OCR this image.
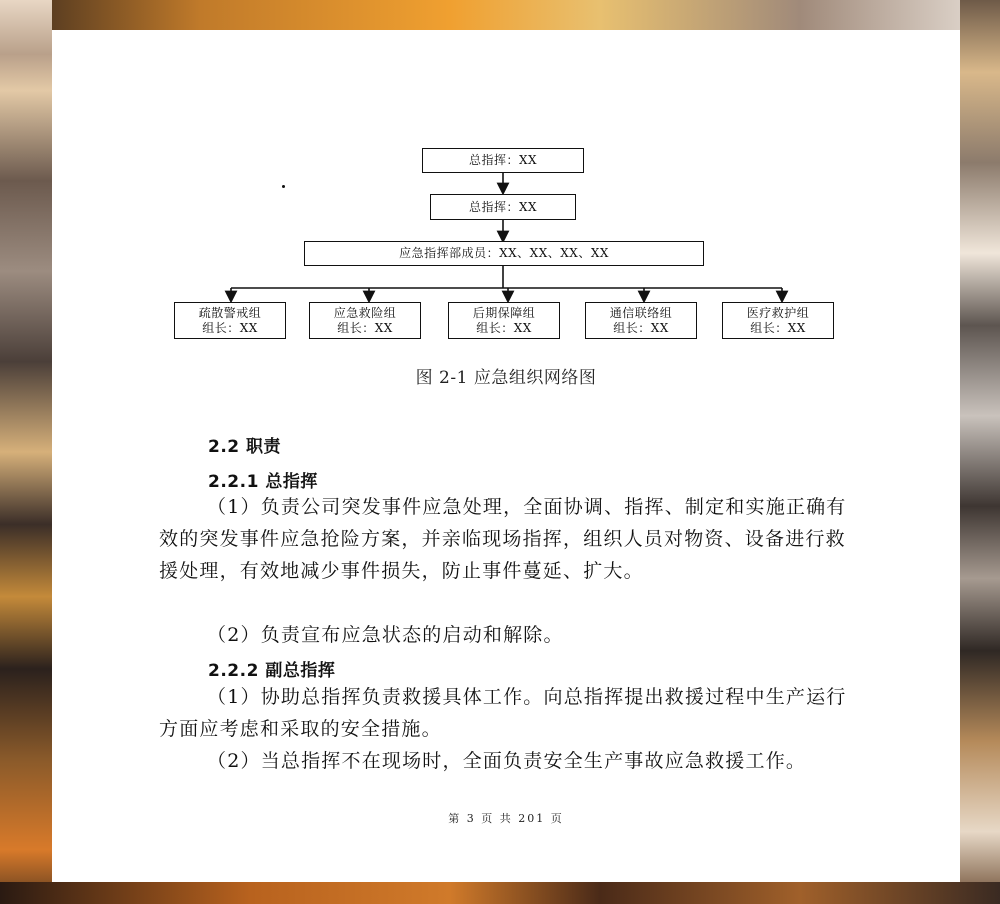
总指挥：XX
总指挥：XX
应急指挥部成员：XX、XX、XX、XX
疏散警戒组
组长：XX
应急救险组
组长：XX
后期保障组
组长：XX
通信联络组
组长：XX
医疗救护组
组长：XX
图 2-1 应急组织网络图
2.2 职责
2.2.1 总指挥

（1）负责公司突发事件应急处理，全面协调、指挥、制定和实施正确有效的突发事件应急抢险方案，并亲临现场指挥，组织人员对物资、设备进行救援处理，有效地减少事件损失，防止事件蔓延、扩大。

（2）负责宣布应急状态的启动和解除。

2.2.2 副总指挥

（1）协助总指挥负责救援具体工作。向总指挥提出救援过程中生产运行方面应考虑和采取的安全措施。

（2）当总指挥不在现场时，全面负责安全生产事故应急救援工作。

第 3 页 共 201 页
